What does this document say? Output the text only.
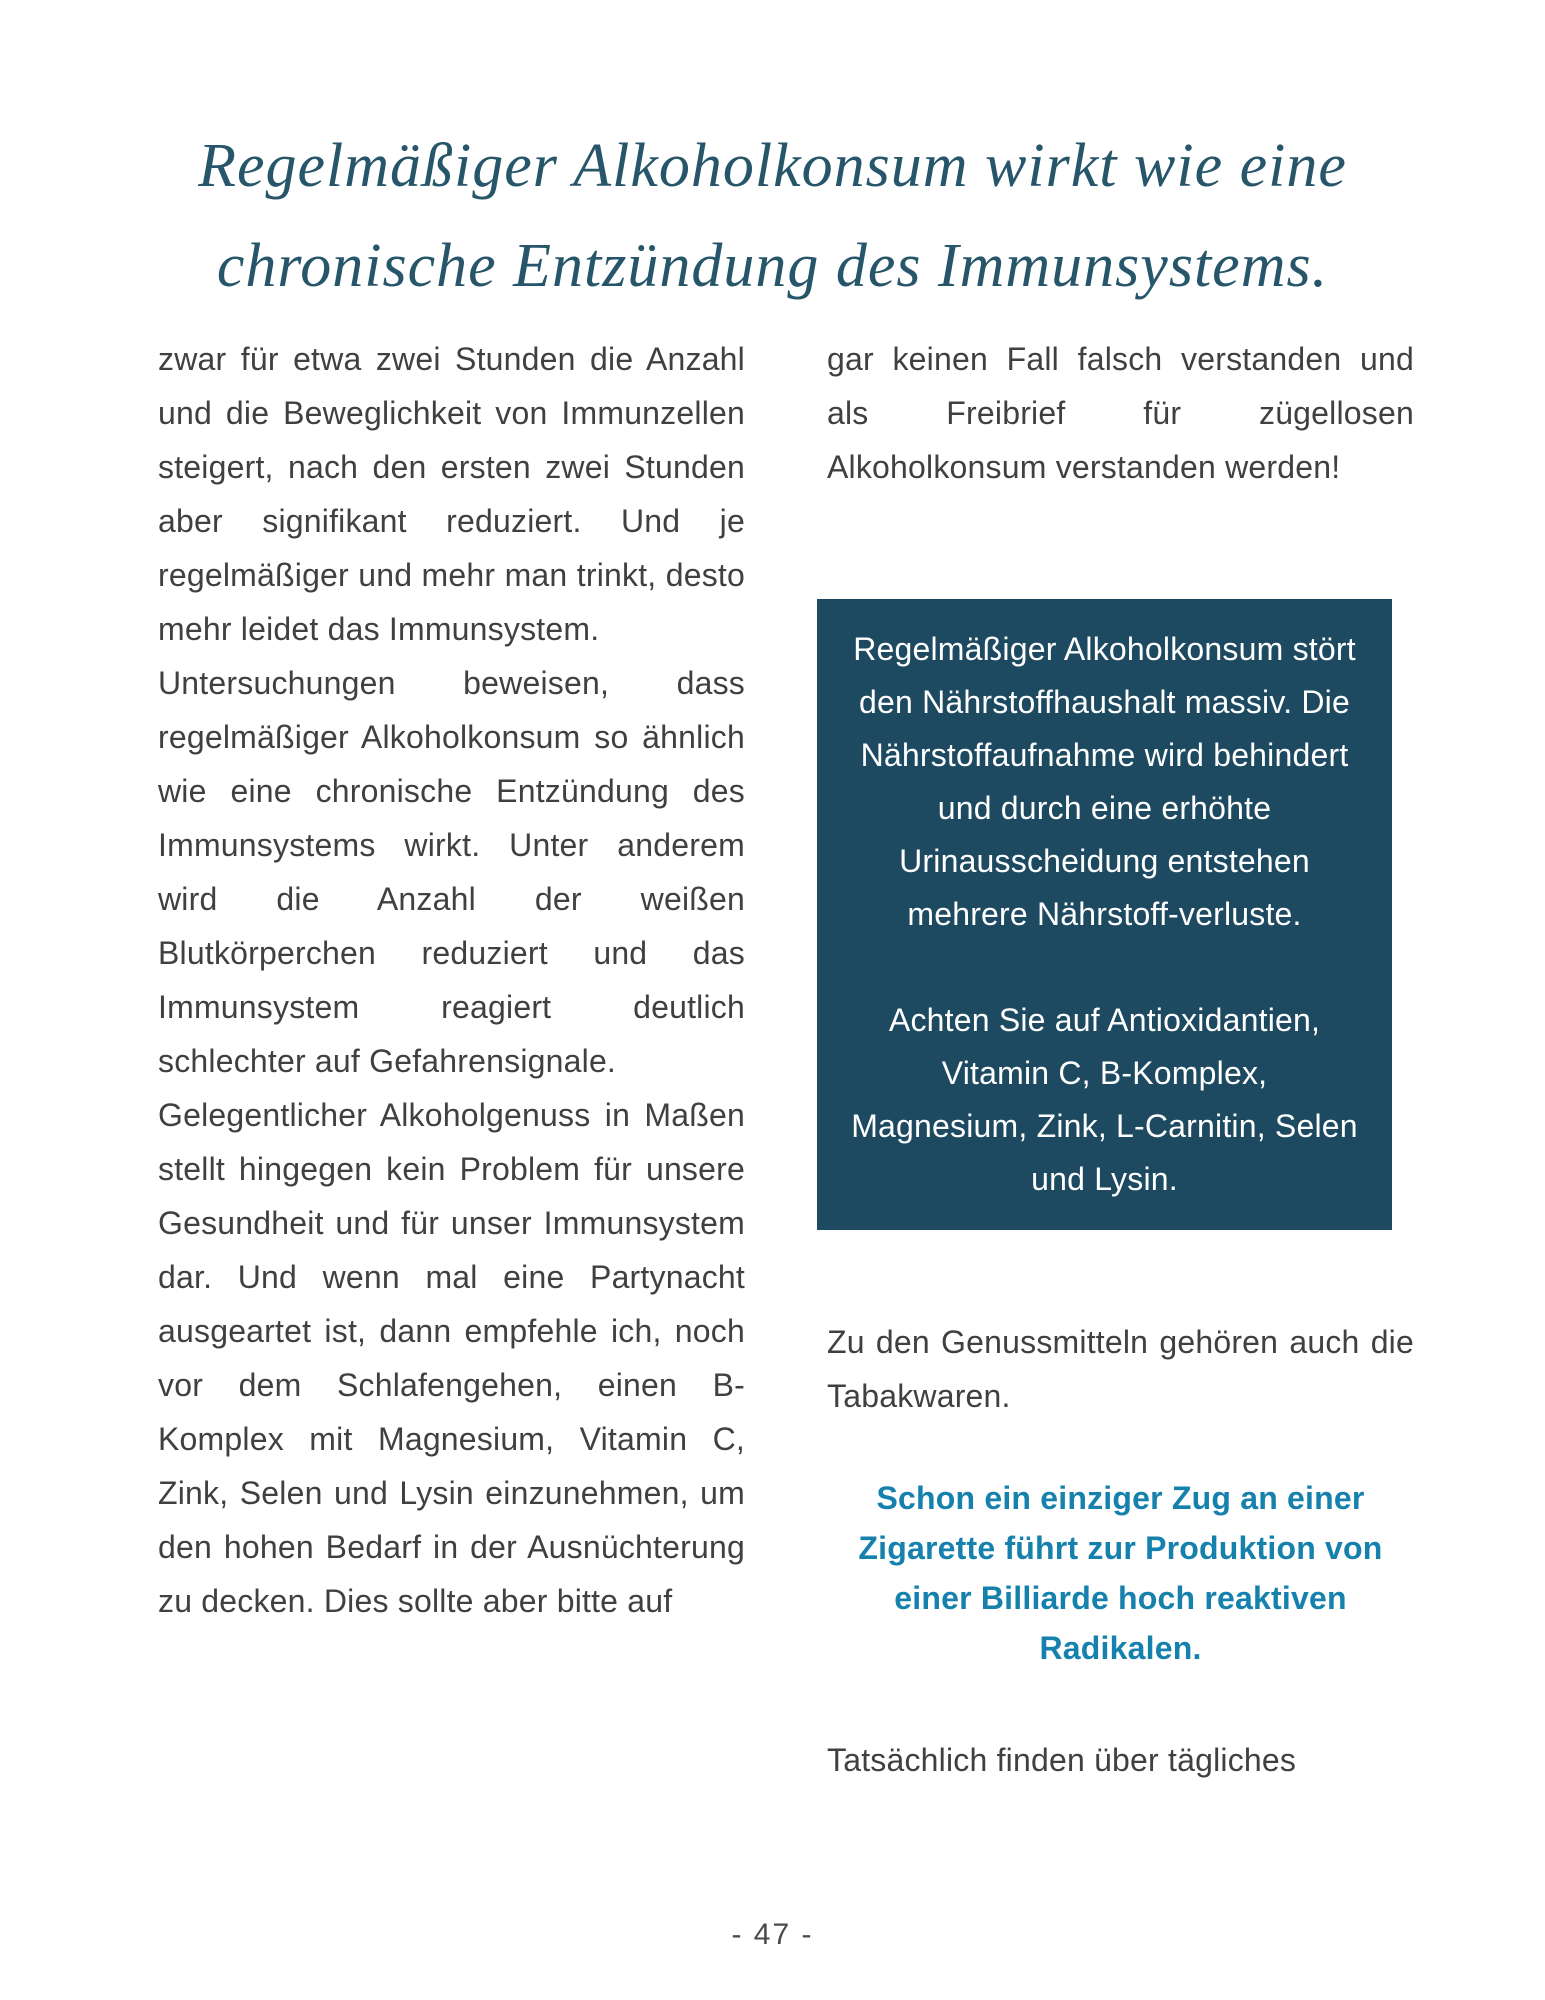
Regelmäßiger Alkoholkonsum wirkt wie eine
chronische Entzündung des Immunsystems.

zwar für etwa zwei Stunden die Anzahl und die Beweglichkeit von Immunzellen steigert, nach den ersten zwei Stunden aber signifikant reduziert. Und je regelmäßiger und mehr man trinkt, desto mehr leidet das Immunsystem.

Untersuchungen beweisen, dass regelmäßiger Alkoholkonsum so ähnlich wie eine chronische Entzündung des Immunsystems wirkt. Unter anderem wird die Anzahl der weißen Blutkörperchen reduziert und das Immunsystem reagiert deutlich schlechter auf Gefahrensignale.

Gelegentlicher Alkoholgenuss in Maßen stellt hingegen kein Problem für unsere Gesundheit und für unser Immunsystem dar. Und wenn mal eine Partynacht ausgeartet ist, dann empfehle ich, noch vor dem Schlafengehen, einen B-Komplex mit Magnesium, Vitamin C, Zink, Selen und Lysin einzunehmen, um den hohen Bedarf in der Ausnüchterung zu decken. Dies sollte aber bitte auf

gar keinen Fall falsch verstanden und als Freibrief für zügellosen Alkoholkonsum verstanden werden!

Regelmäßiger Alkoholkonsum stört den Nährstoffhaushalt massiv. Die Nährstoffaufnahme wird behindert und durch eine erhöhte Urinausscheidung entstehen mehrere Nährstoff-verluste.

Achten Sie auf Antioxidantien, Vitamin C, B-Komplex, Magnesium, Zink, L-Carnitin, Selen und Lysin.

Zu den Genussmitteln gehören auch die Tabakwaren.

Schon ein einziger Zug an einer Zigarette führt zur Produktion von einer Billiarde hoch reaktiven Radikalen.

Tatsächlich finden über tägliches

- 47 -
